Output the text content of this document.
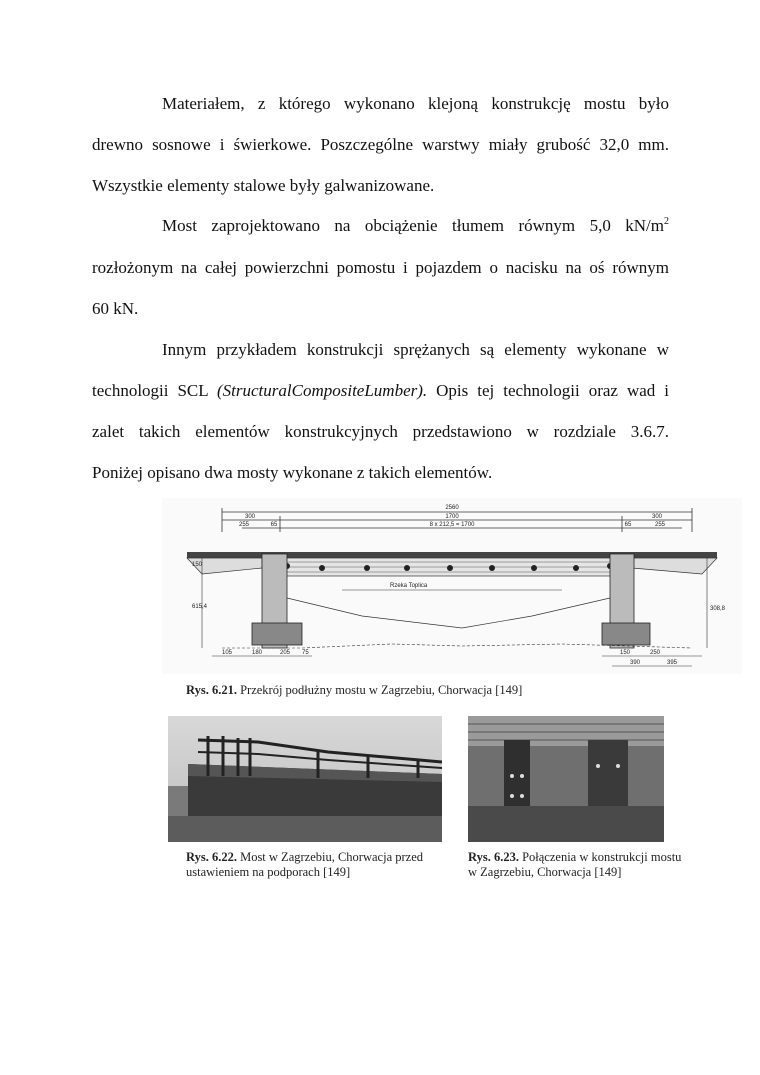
Materiałem, z którego wykonano klejoną konstrukcję mostu było
drewno sosnowe i świerkowe. Poszczególne warstwy miały grubość 32,0 mm.
Wszystkie elementy stalowe były galwanizowane.
Most zaprojektowano na obciążenie tłumem równym 5,0 $kN/m^2$
rozłożonym na całej powierzchni pomostu i pojazdem o nacisku na oś równym
60 kN.
Innym przykładem konstrukcji sprężanych są elementy wykonane w
technologii SCL (StructuralCompositeLumber). Opis tej technologii oraz wad i
zalet takich elementów konstrukcyjnych przedstawiono w rozdziale 3.6.7.
Poniżej opisano dwa mosty wykonane z takich elementów.
2560
300	1700	300
8 x 212,5 = 1700
255	65	65	255
Rzeka Toplica
150
615,4	308,8
105	180	205 75	150	250
390	395
Rys. 6.21. Przekrój podłużny mostu w Zagrzebiu, Chorwacja [149]
Rys. 6.22. Most w Zagrzebiu, Chorwacja przed
ustawieniem na podporach [149]
Rys. 6.23. Połączenia w konstrukcji mostu
w Zagrzebiu, Chorwacja [149]
